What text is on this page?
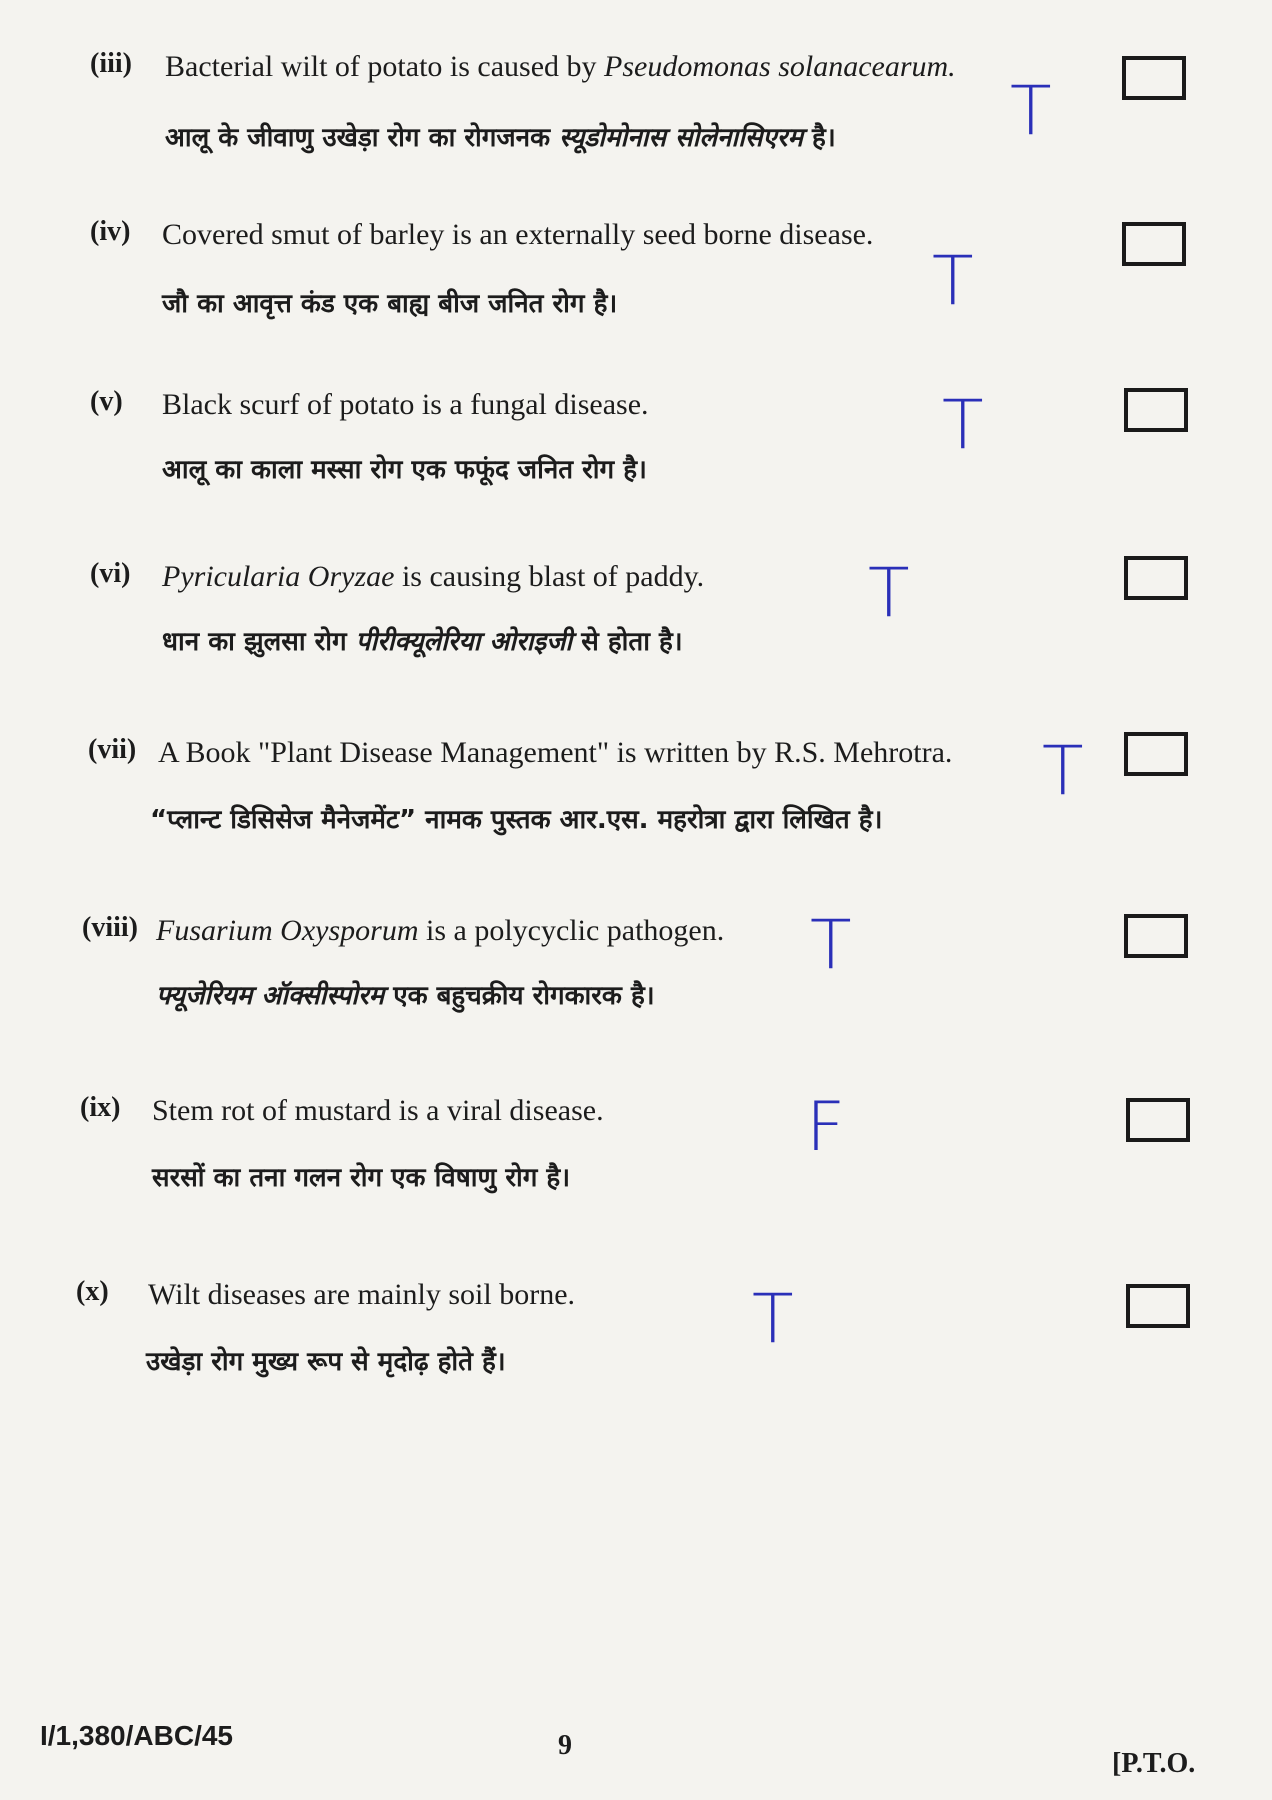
(iii) Bacterial wilt of potato is caused by Pseudomonas solanacearum.
आलू के जीवाणु उखेड़ा रोग का रोगजनक स्यूडोमोनास सोलेनासिएरम है।	T
(iv) Covered smut of barley is an externally seed borne disease.
जौ का आवृत्त कंड एक बाह्य बीज जनित रोग है।	T
(v) Black scurf of potato is a fungal disease.
आलू का काला मस्सा रोग एक फफूंद जनित रोग है।
T
(vi) Pyricularia Oryzae is causing blast of paddy.
धान का झुलसा रोग पीरीक्यूलेरिया ओराइजी से होता है।
T
(vii) A Book "Plant Disease Management" is written by R.S. Mehrotra.
“प्लान्ट डिसिसेज मैनेजमेंट” नामक पुस्तक आर.एस. महरोत्रा द्वारा लिखित है।
T
(viii) Fusarium Oxysporum is a polycyclic pathogen.
फ्यूजेरियम ऑक्सीस्पोरम एक बहुचक्रीय रोगकारक है।
T
(ix) Stem rot of mustard is a viral disease.
सरसों का तना गलन रोग एक विषाणु रोग है।
F
(x) Wilt diseases are mainly soil borne.
उखेड़ा रोग मुख्य रूप से मृदोढ़ होते हैं।
T
I/1,380/ABC/45	9
[P.T.O.
